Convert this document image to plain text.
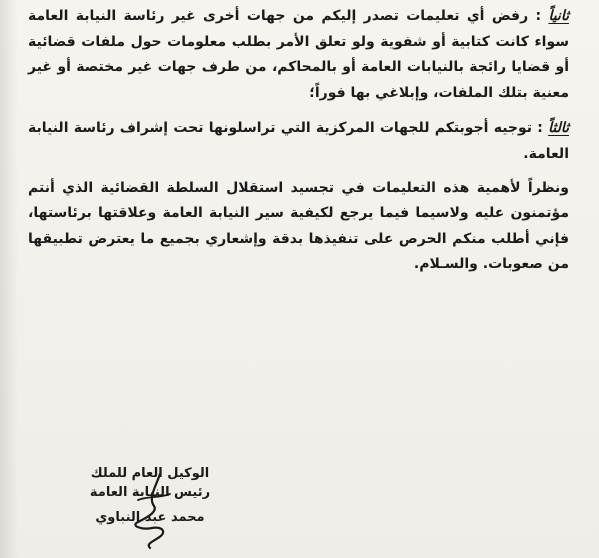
ثانياً : رفض أي تعليمات تصدر إليكم من جهات أخرى غير رئاسة النيابة العامة سواء كانت كتابية أو شفوية ولو تعلق الأمر بطلب معلومات حول ملفات قضائية أو قضايا رائجة بالنيابات العامة أو بالمحاكم، من طرف جهات غير مختصة أو غير معنية بتلك الملفات، وإبلاغي بها فوراً؛

ثالثاً : توجيه أجوبتكم للجهات المركزية التي تراسلونها تحت إشراف رئاسة النيابة العامة.

ونظراً لأهمية هذه التعليمات في تجسيد استقلال السلطة القضائية الذي أنتم مؤتمنون عليه ولاسيما فيما يرجع لكيفية سير النيابة العامة وعلاقتها برئاستها، فإني أطلب منكم الحرص على تنفيذها بدقة وإشعاري بجميع ما يعترض تطبيقها من صعوبات. والسـلام.

الوكيل العام للملك
رئيس النيابة العامة
محمد عبد النباوي
